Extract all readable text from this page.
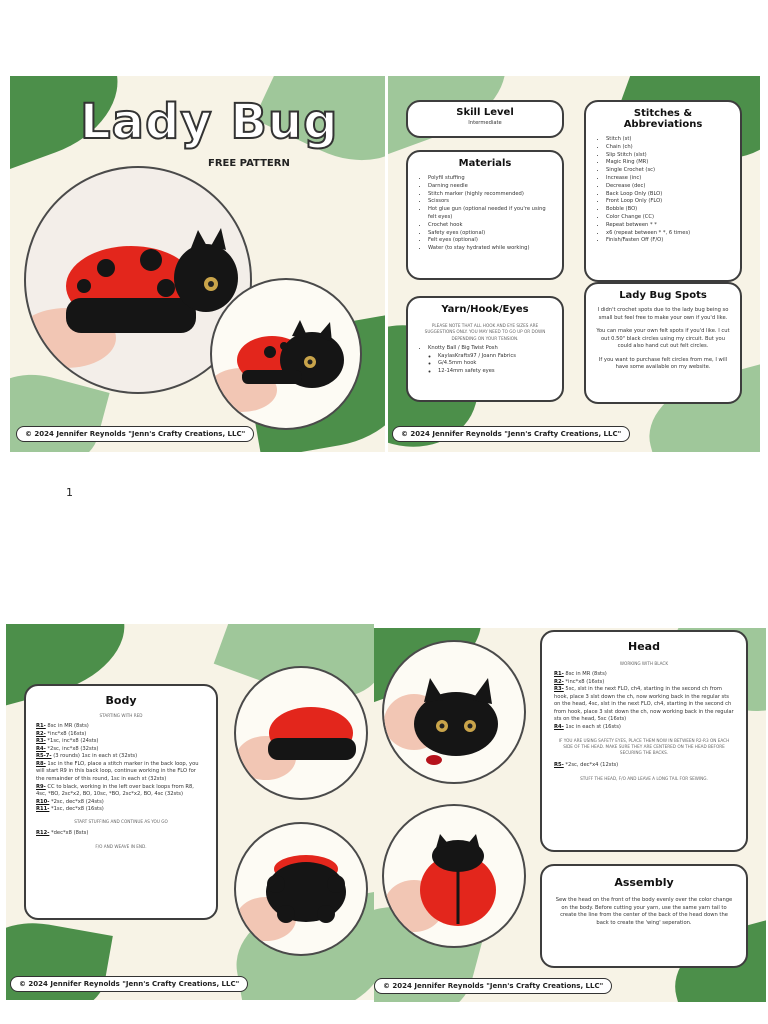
Lady Bug
FREE PATTERN
© 2024 Jennifer Reynolds "Jenn's Crafty Creations, LLC"
Skill Level
Intermediate
Materials
• Polyfil stuffing
• Darning needle
• Stitch marker (highly recommended)
• Scissors
• Hot glue gun (optional needed if you're using felt eyes)
• Crochet hook
• Safety eyes (optional)
• Felt eyes (optional)
• Water (to stay hydrated while working)
Yarn/Hook/Eyes
PLEASE NOTE THAT ALL HOOK AND EYE SIZES ARE SUGGESTIONS ONLY. YOU MAY NEED TO GO UP OR DOWN DEPENDING ON YOUR TENSION.
• Knotty Ball / Big Twist Posh
◦ KaylasKrafts97 / Joann Fabrics
◦ G/4.5mm hook
◦ 12-14mm safety eyes
Stitches & Abbreviations
• Stitch (st)
• Chain (ch)
• Slip Stitch (slst)
• Magic Ring (MR)
• Single Crochet (sc)
• Increase (inc)
• Decrease (dec)
• Back Loop Only (BLO)
• Front Loop Only (FLO)
• Bobble (BO)
• Color Change (CC)
• Repeat between * *
• x6 (repeat between * *, 6 times)
• Finish/Fasten Off (F/O)
Lady Bug Spots

I didn't crochet spots due to the lady bug being so small but feel free to make your own if you'd like.

You can make your own felt spots if you'd like. I cut out 0.50" black circles using my circuit. But you could also hand cut out felt circles.

If you want to purchase felt circles from me, I will have some available on my website.

© 2024 Jennifer Reynolds "Jenn's Crafty Creations, LLC"
1
Body
STARTING WITH RED

R1- 8sc in MR (8sts)

R2- *inc*x8 (16sts)

R3- *1sc, inc*x8 (24sts)

R4- *2sc, inc*x8 (32sts)

R5-7- (3 rounds) 1sc in each st (32sts)

R8- 1sc in the FLO, place a stitch marker in the back loop, you will start R9 in this back loop, continue working in the FLO for the remainder of this round, 1sc in each st (32sts)

R9- CC to black, working in the left over back loops from R8, 4sc, *BO, 2sc*x2, BO, 10sc, *BO, 2sc*x2, BO, 4sc (32sts)

R10- *2sc, dec*x8 (24sts)

R11- *1sc, dec*x8 (16sts)

START STUFFING AND CONTINUE AS YOU GO

R12- *dec*x8 (8sts)

F/O AND WEAVE IN END.
© 2024 Jennifer Reynolds "Jenn's Crafty Creations, LLC"
Head
WORKING WITH BLACK

R1- 8sc in MR (8sts)

R2- *inc*x8 (16sts)

R3- 5sc, slst in the next FLO, ch4, starting in the second ch from hook, place 3 slst down the ch, now working back in the regular sts on the head, 4sc, slst in the next FLO, ch4, starting in the second ch from hook, place 3 slst down the ch, now working back in the regular sts on the head, 5sc (16sts)

R4- 1sc in each st (16sts)

IF YOU ARE USING SAFETY EYES, PLACE THEM NOW IN BETWEEN R2-R3 ON EACH SIDE OF THE HEAD. MAKE SURE THEY ARE CENTERED ON THE HEAD BEFORE SECURING THE BACKS.

R5- *2sc, dec*x4 (12sts)

STUFF THE HEAD, F/O AND LEAVE A LONG TAIL FOR SEWING.
Assembly

Sew the head on the front of the body evenly over the color change on the body. Before cutting your yarn, use the same yarn tail to create the line from the center of the back of the head down the back to create the 'wing' seperation.

© 2024 Jennifer Reynolds "Jenn's Crafty Creations, LLC"
